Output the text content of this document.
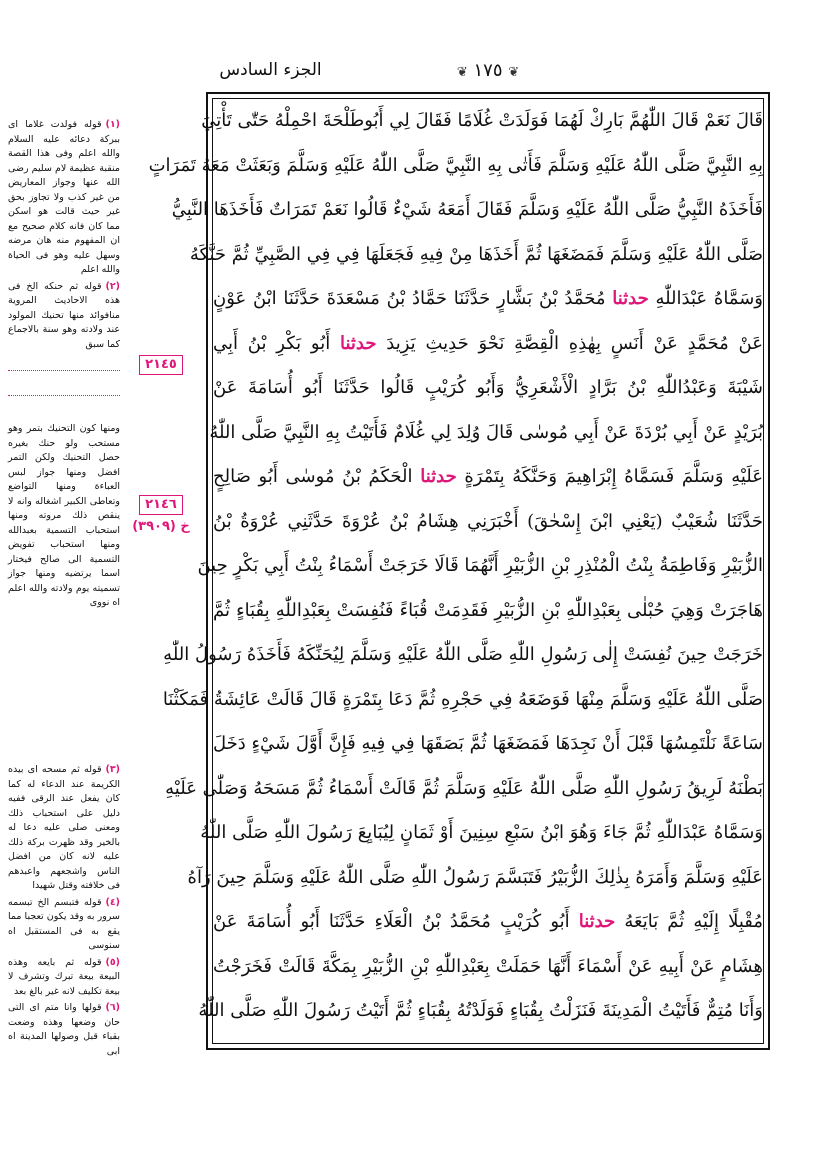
الجزء السادس	❦ ١٧٥ ❦
قَالَ نَعَمْ قَالَ اللّٰهُمَّ بَارِكْ لَهُمَا فَوَلَدَتْ غُلَامًا فَقَالَ لِي أَبُوطَلْحَةَ احْمِلْهُ حَتّٰى تَأْتِيَ
بِهِ النَّبِيَّ صَلَّى اللّٰهُ عَلَيْهِ وَسَلَّمَ فَأَتٰى بِهِ النَّبِيَّ صَلَّى اللّٰهُ عَلَيْهِ وَسَلَّمَ وَبَعَثَتْ مَعَهُ تَمَرَاتٍ
فَأَخَذَهُ النَّبِيُّ صَلَّى اللّٰهُ عَلَيْهِ وَسَلَّمَ فَقَالَ أَمَعَهُ شَيْءٌ قَالُوا نَعَمْ تَمَرَاتٌ فَأَخَذَهَا النَّبِيُّ
صَلَّى اللّٰهُ عَلَيْهِ وَسَلَّمَ فَمَضَغَهَا ثُمَّ أَخَذَهَا مِنْ فِيهِ فَجَعَلَهَا فِي فِي الصَّبِيِّ ثُمَّ حَنَّكَهُ
وَسَمَّاهُ عَبْدَاللّٰهِ حدثنا مُحَمَّدُ بْنُ بَشَّارٍ حَدَّثَنَا حَمَّادُ بْنُ مَسْعَدَةَ حَدَّثَنَا ابْنُ عَوْنٍ
عَنْ مُحَمَّدٍ عَنْ أَنَسٍ بِهٰذِهِ الْقِصَّةِ نَحْوَ حَدِيثِ يَزِيدَ حدثنا أَبُو بَكْرِ بْنُ أَبِي
شَيْبَةَ وَعَبْدُاللّٰهِ بْنُ بَرَّادٍ الْأَشْعَرِيُّ وَأَبُو كُرَيْبٍ قَالُوا حَدَّثَنَا أَبُو أُسَامَةَ عَنْ
بُرَيْدٍ عَنْ أَبِي بُرْدَةَ عَنْ أَبِي مُوسٰى قَالَ وُلِدَ لِي غُلَامٌ فَأَتَيْتُ بِهِ النَّبِيَّ صَلَّى اللّٰهُ
عَلَيْهِ وَسَلَّمَ فَسَمَّاهُ إِبْرَاهِيمَ وَحَنَّكَهُ بِتَمْرَةٍ حدثنا الْحَكَمُ بْنُ مُوسٰى أَبُو صَالِحٍ
حَدَّثَنَا شُعَيْبٌ (يَعْنِي ابْنَ إِسْحٰقَ) أَخْبَرَنِي هِشَامُ بْنُ عُرْوَةَ حَدَّثَنِي عُرْوَةُ بْنُ
الزُّبَيْرِ وَفَاطِمَةُ بِنْتُ الْمُنْذِرِ بْنِ الزُّبَيْرِ أَنَّهُمَا قَالَا خَرَجَتْ أَسْمَاءُ بِنْتُ أَبِي بَكْرٍ حِينَ
هَاجَرَتْ وَهِيَ حُبْلٰى بِعَبْدِاللّٰهِ بْنِ الزُّبَيْرِ فَقَدِمَتْ قُبَاءً فَنُفِسَتْ بِعَبْدِاللّٰهِ بِقُبَاءٍ ثُمَّ
خَرَجَتْ حِينَ نُفِسَتْ إِلٰى رَسُولِ اللّٰهِ صَلَّى اللّٰهُ عَلَيْهِ وَسَلَّمَ لِيُحَنِّكَهُ فَأَخَذَهُ رَسُولُ اللّٰهِ
صَلَّى اللّٰهُ عَلَيْهِ وَسَلَّمَ مِنْهَا فَوَضَعَهُ فِي حَجْرِهِ ثُمَّ دَعَا بِتَمْرَةٍ قَالَ قَالَتْ عَائِشَةُ فَمَكَثْنَا
سَاعَةً نَلْتَمِسُهَا قَبْلَ أَنْ نَجِدَهَا فَمَضَغَهَا ثُمَّ بَصَقَهَا فِي فِيهِ فَإِنَّ أَوَّلَ شَيْءٍ دَخَلَ
بَطْنَهُ لَرِيقُ رَسُولِ اللّٰهِ صَلَّى اللّٰهُ عَلَيْهِ وَسَلَّمَ ثُمَّ قَالَتْ أَسْمَاءُ ثُمَّ مَسَحَهُ وَصَلّٰى عَلَيْهِ
وَسَمَّاهُ عَبْدَاللّٰهِ ثُمَّ جَاءَ وَهُوَ ابْنُ سَبْعِ سِنِينَ أَوْ ثَمَانٍ لِيُبَايِعَ رَسُولَ اللّٰهِ صَلَّى اللّٰهُ
عَلَيْهِ وَسَلَّمَ وَأَمَرَهُ بِذٰلِكَ الزُّبَيْرُ فَتَبَسَّمَ رَسُولُ اللّٰهِ صَلَّى اللّٰهُ عَلَيْهِ وَسَلَّمَ حِينَ رَآهُ
مُقْبِلًا إِلَيْهِ ثُمَّ بَايَعَهُ حدثنا أَبُو كُرَيْبٍ مُحَمَّدُ بْنُ الْعَلَاءِ حَدَّثَنَا أَبُو أُسَامَةَ عَنْ
هِشَامٍ عَنْ أَبِيهِ عَنْ أَسْمَاءَ أَنَّهَا حَمَلَتْ بِعَبْدِاللّٰهِ بْنِ الزُّبَيْرِ بِمَكَّةَ قَالَتْ فَخَرَجْتُ
وَأَنَا مُتِمٌّ فَأَتَيْتُ الْمَدِينَةَ فَنَزَلْتُ بِقُبَاءٍ فَوَلَدْتُهُ بِقُبَاءٍ ثُمَّ أَتَيْتُ رَسُولَ اللّٰهِ صَلَّى اللّٰهُ
(١)
قوله فولدت غلاما اى ببركة دعائه عليه السلام والله اعلم وفى هذا القصة منقبة عظيمة لام سليم رضى الله عنها وجواز المعاريض من غير كذب ولا تجاوز بحق غير حيث قالت هو اسكن مما كان فانه كلام صحيح مع ان المفهوم منه هان مرضه وسهل عليه وهو فى الحياة والله اعلم
(٢)
قوله ثم حنكه الخ فى هذه الاحاديث المروية منافوائد منها تحنيك المولود عند ولادته وهو سنة بالاجماع كما سبق
٢١٤٥
ومنها كون التحنيك بتمر وهو مستحب ولو حنك بغيره حصل التحنيك ولكن التمر افضل ومنها جواز لبس العباءة ومنها التواضع وتعاطى الكبير اشغاله وانه لا ينقص ذلك مروته ومنها استحباب التسمية بعبدالله ومنها استحباب تفويض التسمية الى صالح فيختار اسما يرتضيه ومنها جواز تسميته يوم ولادته والله اعلم اه نووى
٢١٤٦
خ (٣٩٠٩)
(٣)
قوله ثم مسحه اى بيده الكريمة عند الدعاء له كما كان يفعل عند الرقى ففيه دليل على استحباب ذلك ومعنى صلى عليه دعا له بالخير وقد ظهرت بركة ذلك عليه لانه كان من افضل الناس واشجعهم واعبدهم فى خلافته وقتل شهيدا
(٤)
قوله فتبسم الخ تبسمه سرور به وقد يكون تعجبا مما يقع به فى المستقبل اه سنوسى
(٥)
قوله ثم بايعه وهذه البيعة بيعة تبرك وتشرف لا بيعة تكليف لانه غير بالغ بعد
(٦)
قولها وانا متم اى التى حان وضعها وهذه وضعت بقباء قبل وصولها المدينة اه ابى
